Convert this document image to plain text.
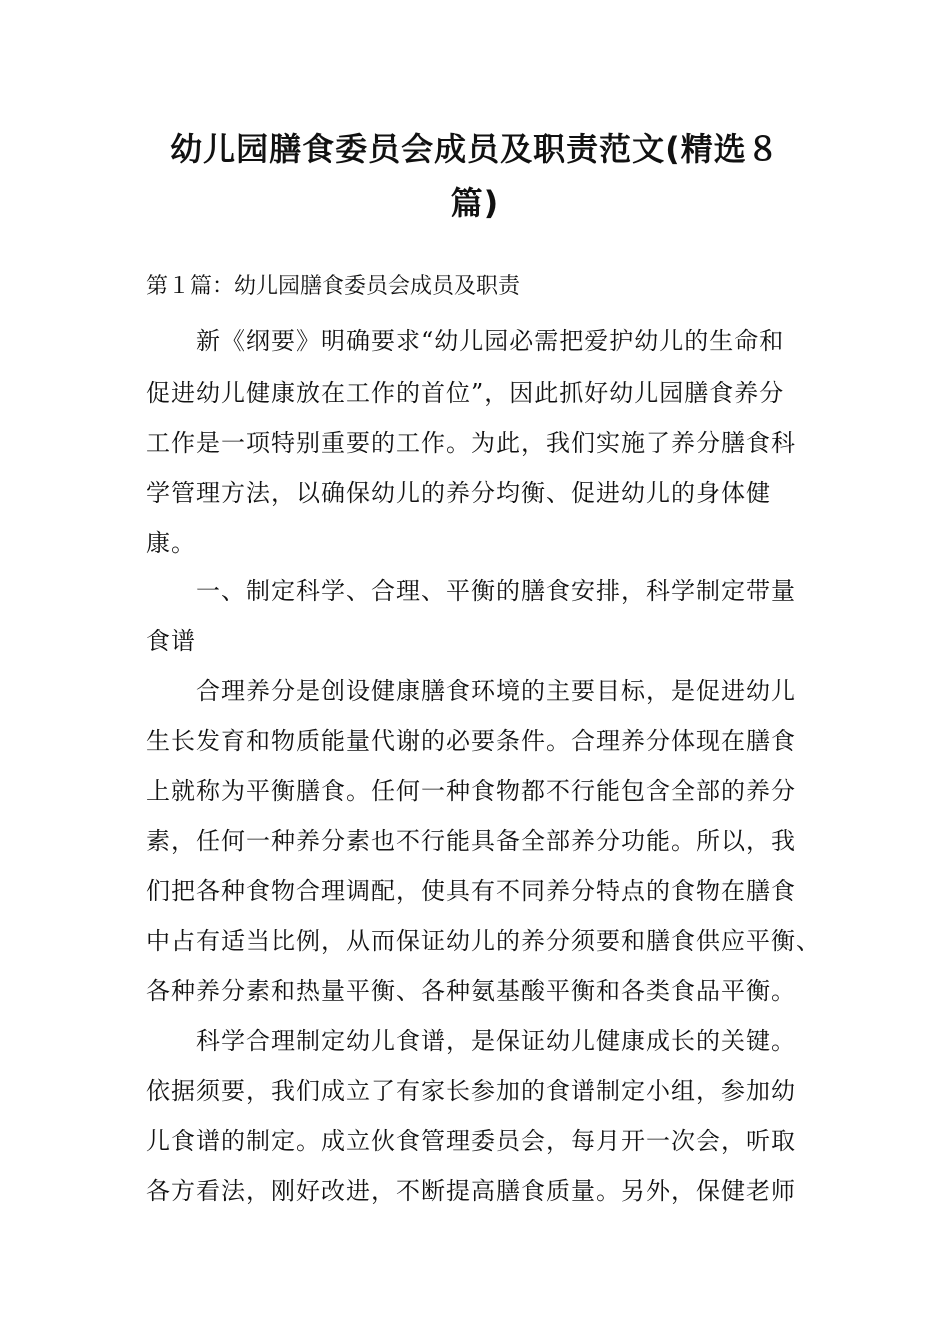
幼儿园膳食委员会成员及职责范文(精选８
篇)
第１篇：幼儿园膳食委员会成员及职责

新《纲要》明确要求“幼儿园必需把爱护幼儿的生命和

促进幼儿健康放在工作的首位”，因此抓好幼儿园膳食养分

工作是一项特别重要的工作。为此，我们实施了养分膳食科

学管理方法，以确保幼儿的养分均衡、促进幼儿的身体健

康。

一、制定科学、合理、平衡的膳食安排，科学制定带量

食谱

合理养分是创设健康膳食环境的主要目标，是促进幼儿

生长发育和物质能量代谢的必要条件。合理养分体现在膳食

上就称为平衡膳食。任何一种食物都不行能包含全部的养分

素，任何一种养分素也不行能具备全部养分功能。所以，我

们把各种食物合理调配，使具有不同养分特点的食物在膳食

中占有适当比例，从而保证幼儿的养分须要和膳食供应平衡、

各种养分素和热量平衡、各种氨基酸平衡和各类食品平衡。

科学合理制定幼儿食谱，是保证幼儿健康成长的关键。

依据须要，我们成立了有家长参加的食谱制定小组，参加幼

儿食谱的制定。成立伙食管理委员会，每月开一次会，听取

各方看法，刚好改进，不断提高膳食质量。另外，保健老师
